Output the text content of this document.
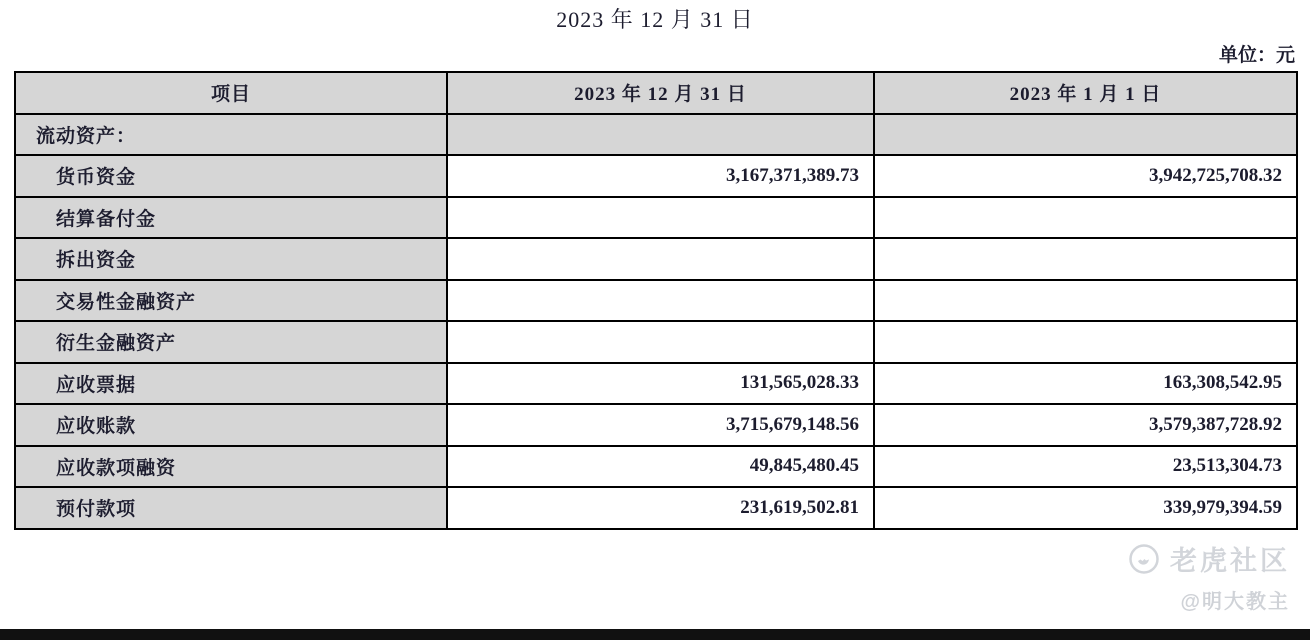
2023 年 12 月 31 日
单位：元
项目	2023 年 12 月 31 日	2023 年 1 月 1 日
流动资产：		
货币资金	3,167,371,389.73	3,942,725,708.32
结算备付金		
拆出资金		
交易性金融资产		
衍生金融资产		
应收票据	131,565,028.33	163,308,542.95
应收账款	3,715,679,148.56	3,579,387,728.92
应收款项融资	49,845,480.45	23,513,304.73
预付款项	231,619,502.81	339,979,394.59
老虎社区
@明大教主
